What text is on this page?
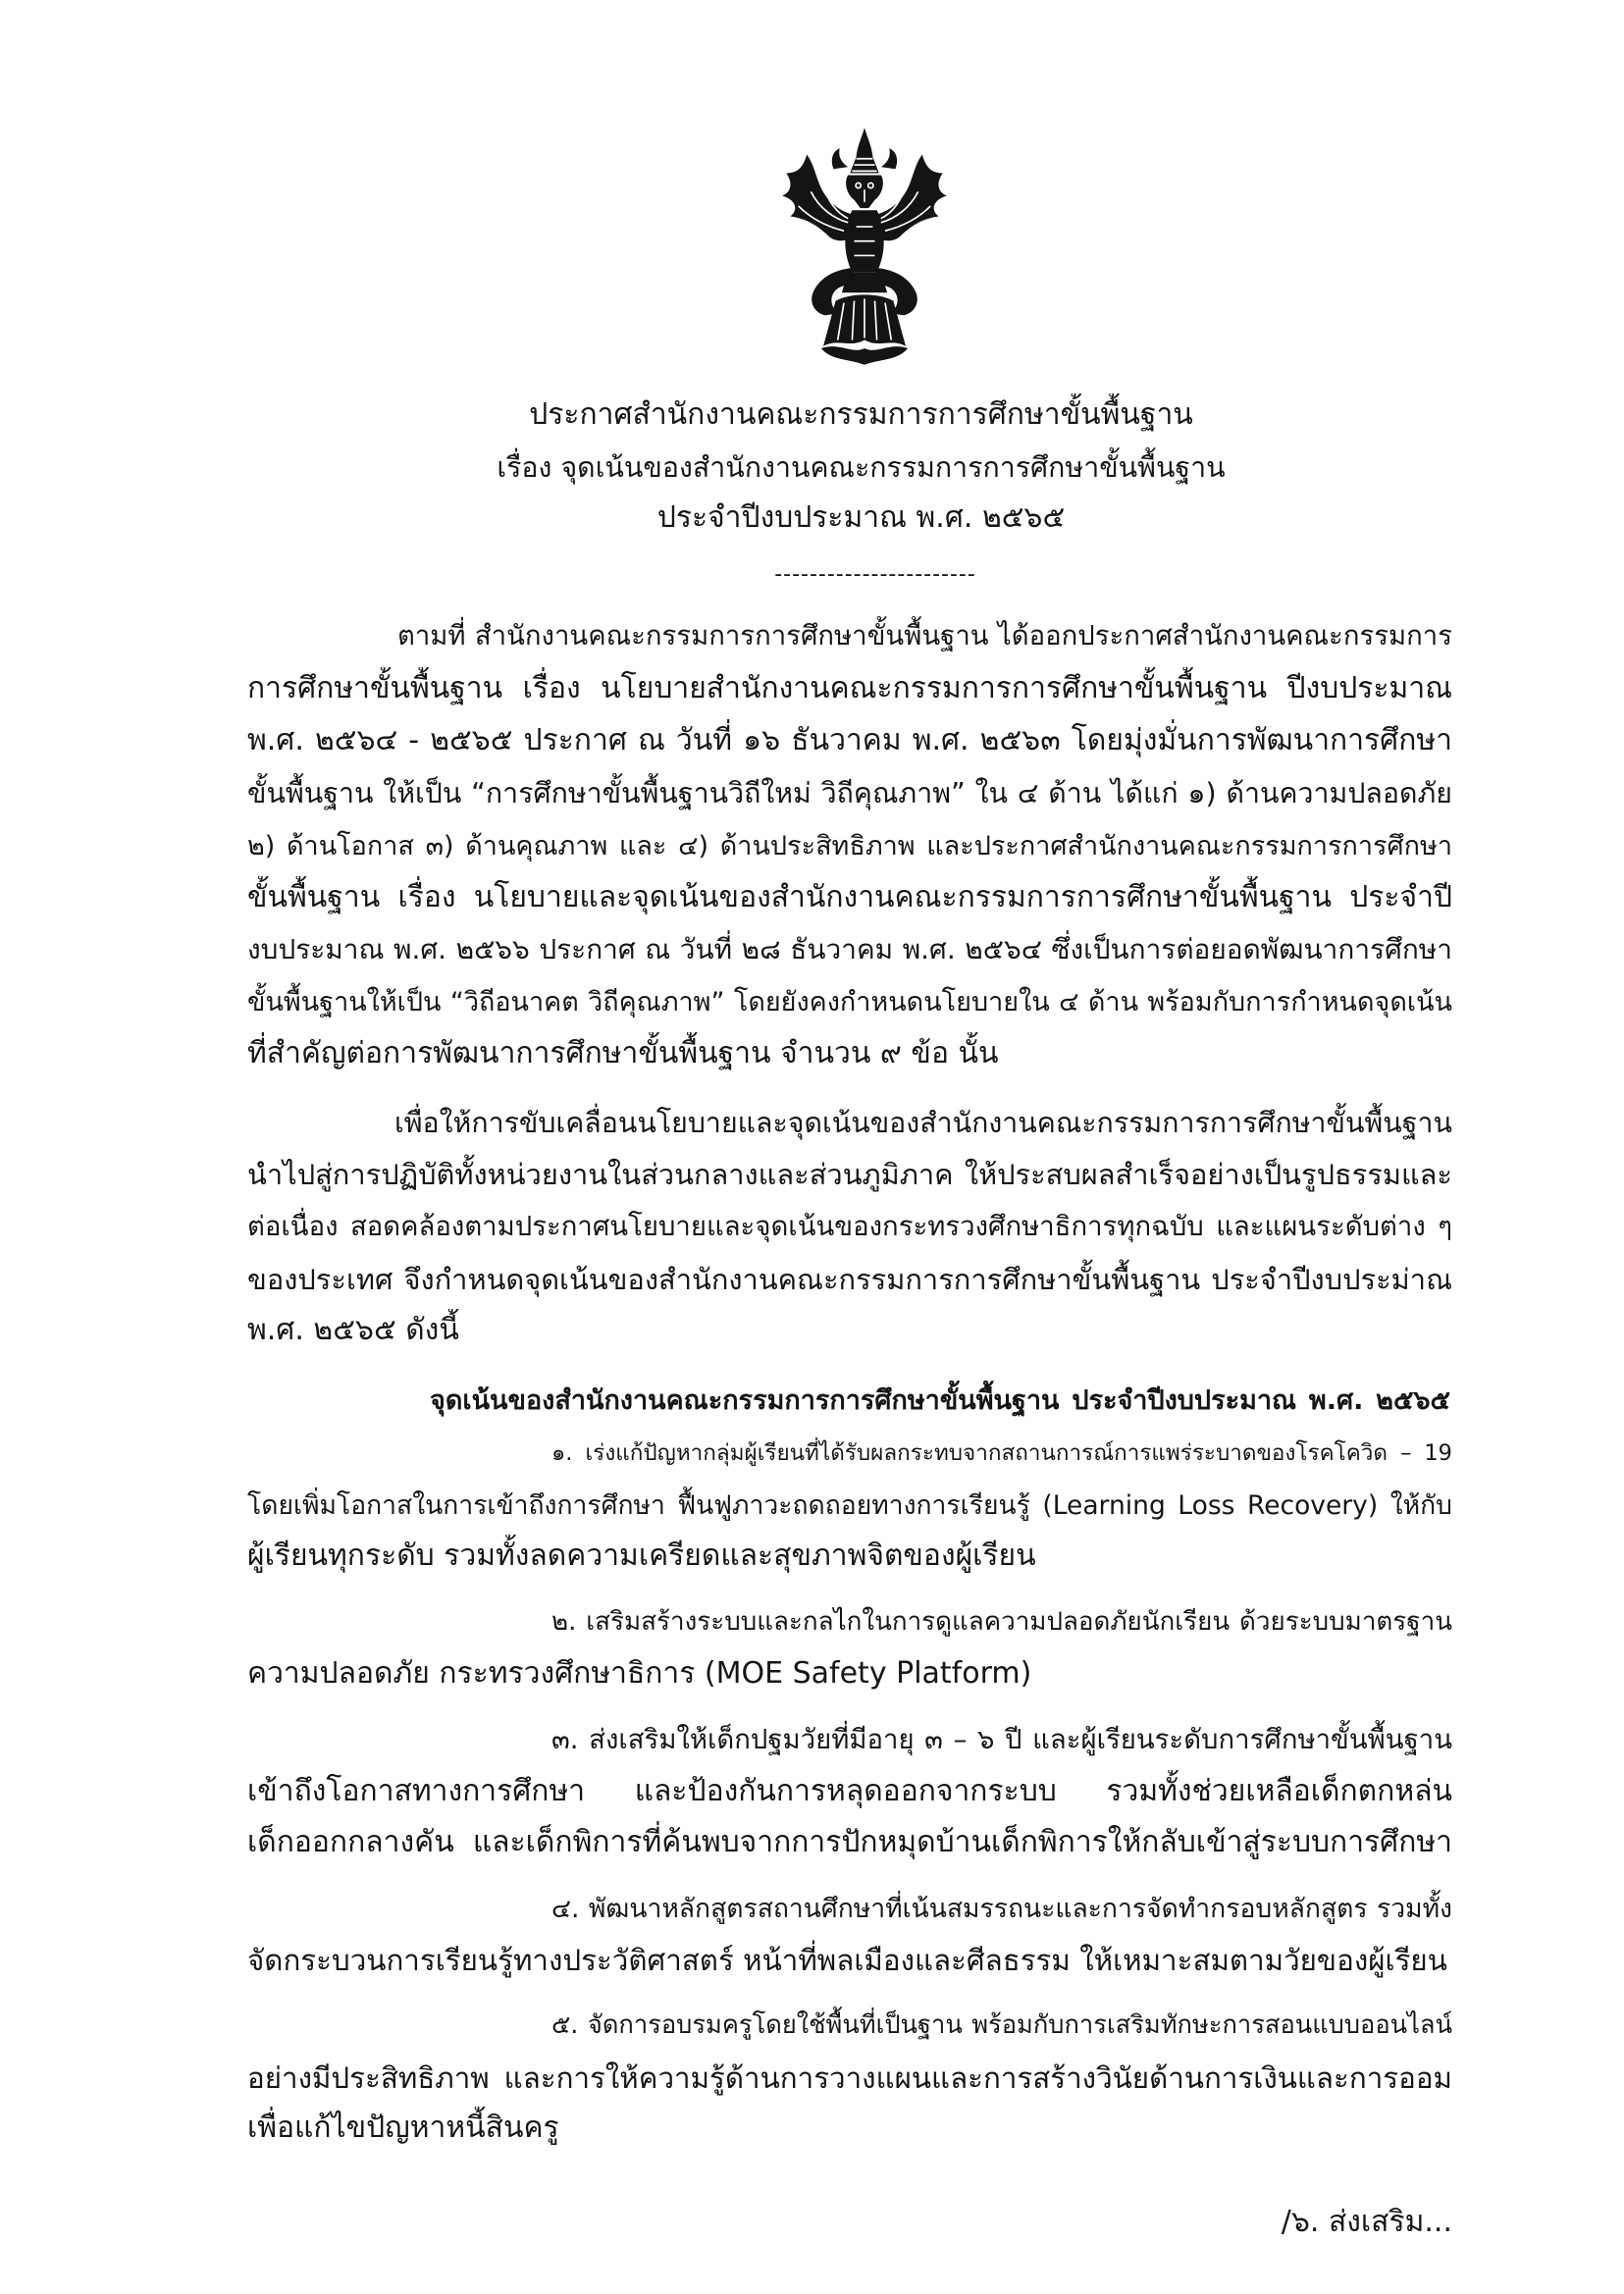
ประกาศสำนักงานคณะกรรมการการศึกษาขั้นพื้นฐาน
เรื่อง จุดเน้นของสำนักงานคณะกรรมการการศึกษาขั้นพื้นฐาน
ประจำปีงบประมาณ พ.ศ. ๒๕๖๕
-----------------------
ตามที่ สำนักงานคณะกรรมการการศึกษาขั้นพื้นฐาน ได้ออกประกาศสำนักงานคณะกรรมการ
การศึกษาขั้นพื้นฐาน เรื่อง นโยบายสำนักงานคณะกรรมการการศึกษาขั้นพื้นฐาน ปีงบประมาณ
พ.ศ. ๒๕๖๔ - ๒๕๖๕ ประกาศ ณ วันที่ ๑๖ ธันวาคม พ.ศ. ๒๕๖๓ โดยมุ่งมั่นการพัฒนาการศึกษา
ขั้นพื้นฐาน ให้เป็น “การศึกษาขั้นพื้นฐานวิถีใหม่ วิถีคุณภาพ” ใน ๔ ด้าน ได้แก่ ๑) ด้านความปลอดภัย
๒) ด้านโอกาส ๓) ด้านคุณภาพ และ ๔) ด้านประสิทธิภาพ และประกาศสำนักงานคณะกรรมการการศึกษา
ขั้นพื้นฐาน เรื่อง นโยบายและจุดเน้นของสำนักงานคณะกรรมการการศึกษาขั้นพื้นฐาน ประจำปี
งบประมาณ พ.ศ. ๒๕๖๖ ประกาศ ณ วันที่ ๒๘ ธันวาคม พ.ศ. ๒๕๖๔ ซึ่งเป็นการต่อยอดพัฒนาการศึกษา
ขั้นพื้นฐานให้เป็น “วิถีอนาคต วิถีคุณภาพ” โดยยังคงกำหนดนโยบายใน ๔ ด้าน พร้อมกับการกำหนดจุดเน้น
ที่สำคัญต่อการพัฒนาการศึกษาขั้นพื้นฐาน จำนวน ๙ ข้อ นั้น
เพื่อให้การขับเคลื่อนนโยบายและจุดเน้นของสำนักงานคณะกรรมการการศึกษาขั้นพื้นฐาน
นำไปสู่การปฏิบัติทั้งหน่วยงานในส่วนกลางและส่วนภูมิภาค ให้ประสบผลสำเร็จอย่างเป็นรูปธรรมและ
ต่อเนื่อง สอดคล้องตามประกาศนโยบายและจุดเน้นของกระทรวงศึกษาธิการทุกฉบับ และแผนระดับต่าง ๆ
ของประเทศ จึงกำหนดจุดเน้นของสำนักงานคณะกรรมการการศึกษาขั้นพื้นฐาน ประจำปีงบประม่าณ
พ.ศ. ๒๕๖๕ ดังนี้
จุดเน้นของสำนักงานคณะกรรมการการศึกษาขั้นพื้นฐาน ประจำปีงบประมาณ พ.ศ. ๒๕๖๕
๑. เร่งแก้ปัญหากลุ่มผู้เรียนที่ได้รับผลกระทบจากสถานการณ์การแพร่ระบาดของโรคโควิด – 19
โดยเพิ่มโอกาสในการเข้าถึงการศึกษา ฟื้นฟูภาวะถดถอยทางการเรียนรู้ (Learning Loss Recovery) ให้กับ
ผู้เรียนทุกระดับ รวมทั้งลดความเครียดและสุขภาพจิตของผู้เรียน
๒. เสริมสร้างระบบและกลไกในการดูแลความปลอดภัยนักเรียน ด้วยระบบมาตรฐาน
ความปลอดภัย กระทรวงศึกษาธิการ (MOE Safety Platform)
๓. ส่งเสริมให้เด็กปฐมวัยที่มีอายุ ๓ – ๖ ปี และผู้เรียนระดับการศึกษาขั้นพื้นฐาน
เข้าถึงโอกาสทางการศึกษา และป้องกันการหลุดออกจากระบบ รวมทั้งช่วยเหลือเด็กตกหล่น
เด็กออกกลางคัน และเด็กพิการที่ค้นพบจากการปักหมุดบ้านเด็กพิการให้กลับเข้าสู่ระบบการศึกษา
๔. พัฒนาหลักสูตรสถานศึกษาที่เน้นสมรรถนะและการจัดทำกรอบหลักสูตร รวมทั้ง
จัดกระบวนการเรียนรู้ทางประวัติศาสตร์ หน้าที่พลเมืองและศีลธรรม ให้เหมาะสมตามวัยของผู้เรียน
๕. จัดการอบรมครูโดยใช้พื้นที่เป็นฐาน พร้อมกับการเสริมทักษะการสอนแบบออนไลน์
อย่างมีประสิทธิภาพ และการให้ความรู้ด้านการวางแผนและการสร้างวินัยด้านการเงินและการออม
เพื่อแก้ไขปัญหาหนี้สินครู
/๖. ส่งเสริม...
